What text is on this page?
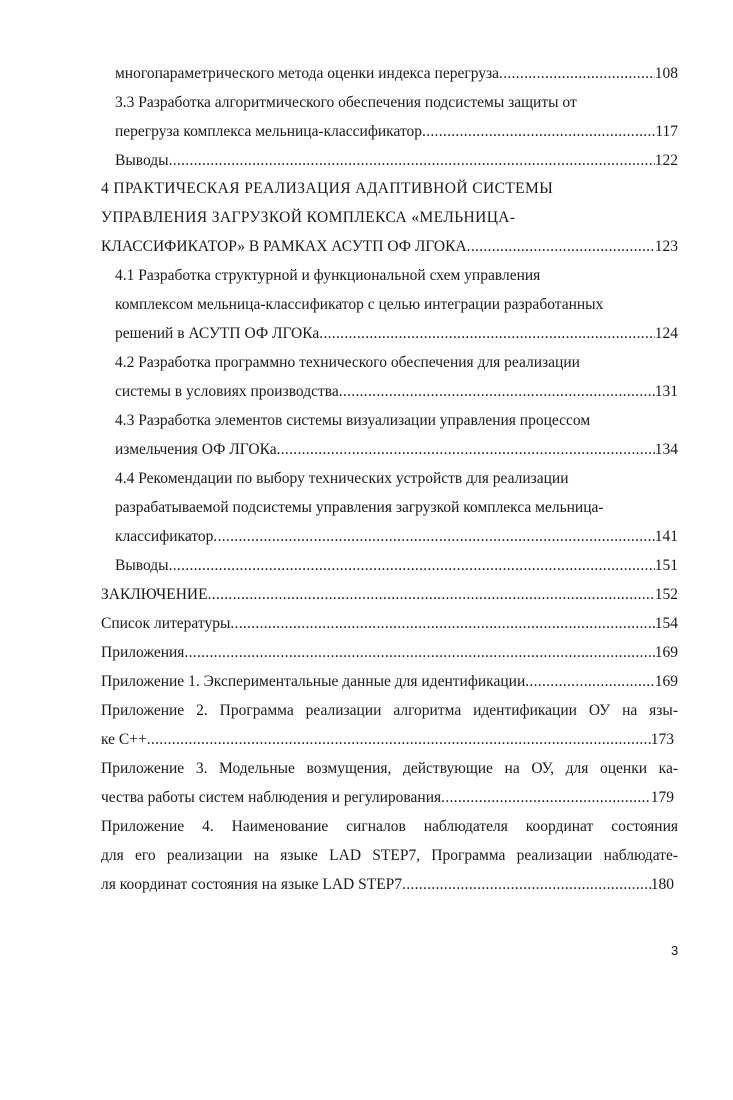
многопараметрического метода оценки индекса перегруза .....	108
3.3 Разработка алгоритмического обеспечения подсистемы защиты от
перегруза комплекса мельница-классификатор .....	117
Выводы .....	122
4 ПРАКТИЧЕСКАЯ РЕАЛИЗАЦИЯ АДАПТИВНОЙ СИСТЕМЫ
УПРАВЛЕНИЯ ЗАГРУЗКОЙ КОМПЛЕКСА «МЕЛЬНИЦА-
КЛАССИФИКАТОР» В РАМКАХ АСУТП ОФ ЛГОКА .....	123
4.1 Разработка структурной и функциональной схем управления
комплексом мельница-классификатор с целью интеграции разработанных
решений в АСУТП ОФ ЛГОКа .....	124
4.2 Разработка программно технического обеспечения для реализации
системы в условиях производства .....	131
4.3 Разработка элементов системы визуализации управления процессом
измельчения ОФ ЛГОКа .....	134
4.4 Рекомендации по выбору технических устройств для реализации
разрабатываемой подсистемы управления загрузкой комплекса мельница-
классификатор .....	141
Выводы .....	151
ЗАКЛЮЧЕНИЕ .....	152
Список литературы .....	154
Приложения .....	169
Приложение 1. Экспериментальные данные для идентификации .....	169
Приложение 2. Программа реализации алгоритма идентификации ОУ на язы-
ке С++ .....	173
Приложение 3. Модельные возмущения, действующие на ОУ, для оценки ка-
чества работы систем наблюдения и регулирования .....	179
Приложение 4. Наименование сигналов наблюдателя координат состояния
для его реализации на языке LAD STEP7, Программа реализации наблюдате-
ля координат состояния на языке LAD STEP7 .....	180
3
